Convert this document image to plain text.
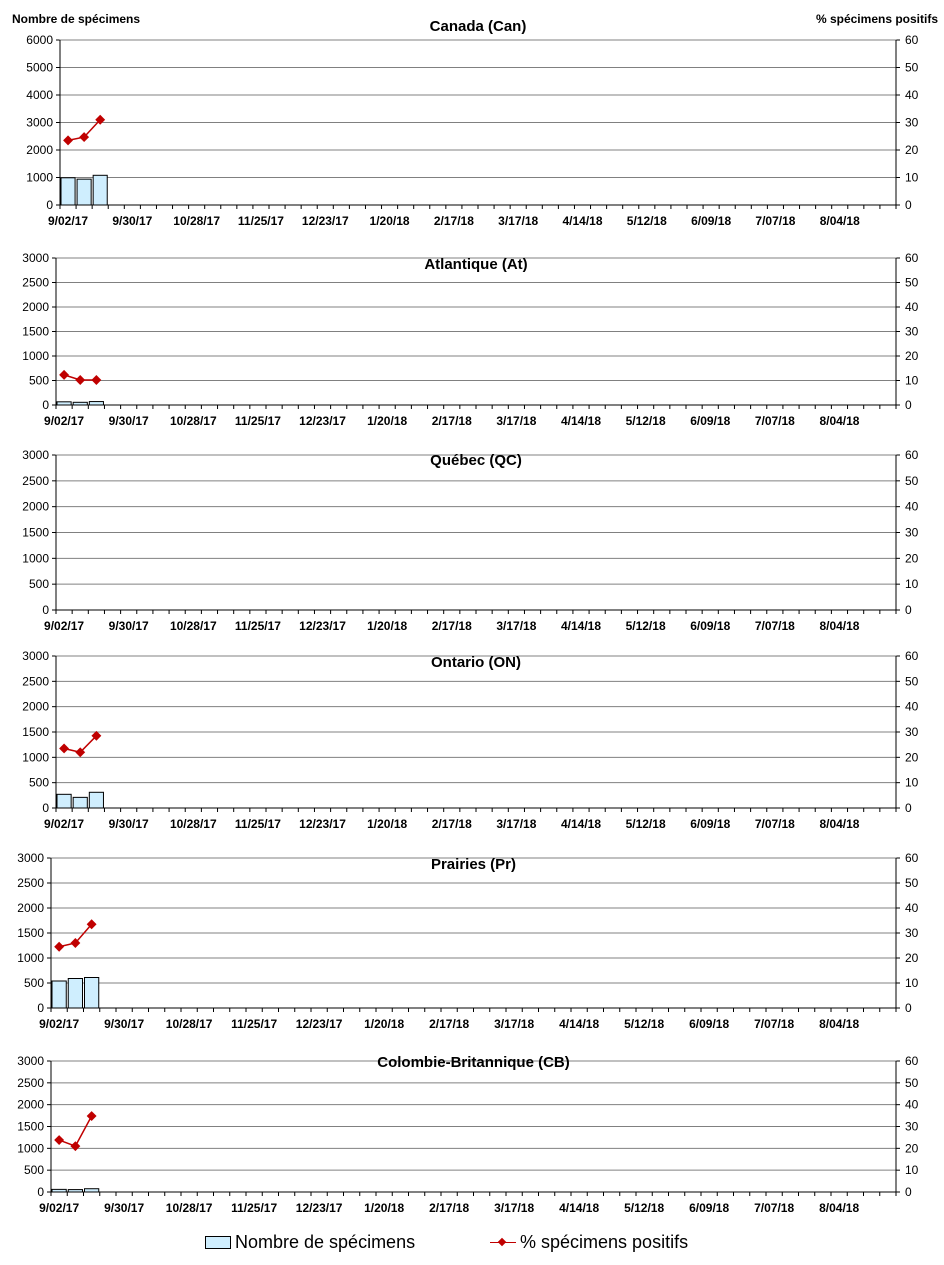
Nombre de spécimens	% spécimens positifs
0	0
1000	10
2000	20
3000	30
4000	40
5000	50
6000	60
9/02/17 9/30/17 10/28/17 11/25/17 12/23/17 1/20/18 2/17/18 3/17/18 4/14/18 5/12/18 6/09/18 7/07/18 8/04/18
Canada (Can)
0	0
500	10
1000	20
1500	30
2000	40
2500	50
3000	60
9/02/17 9/30/17 10/28/17 11/25/17 12/23/17 1/20/18 2/17/18 3/17/18 4/14/18 5/12/18 6/09/18 7/07/18 8/04/18
Atlantique (At)
0	0
500	10
1000	20
1500	30
2000	40
2500	50
3000	60
9/02/17 9/30/17 10/28/17 11/25/17 12/23/17 1/20/18 2/17/18 3/17/18 4/14/18 5/12/18 6/09/18 7/07/18 8/04/18
Québec (QC)
0	0
500	10
1000	20
1500	30
2000	40
2500	50
3000	60
9/02/17 9/30/17 10/28/17 11/25/17 12/23/17 1/20/18 2/17/18 3/17/18 4/14/18 5/12/18 6/09/18 7/07/18 8/04/18
Ontario (ON)
0	0
500	10
1000	20
1500	30
2000	40
2500	50
3000	60
9/02/17 9/30/17 10/28/17 11/25/17 12/23/17 1/20/18 2/17/18 3/17/18 4/14/18 5/12/18 6/09/18 7/07/18 8/04/18
Prairies (Pr)
0	0
500	10
1000	20
1500	30
2000	40
2500	50
3000	60
9/02/17 9/30/17 10/28/17 11/25/17 12/23/17 1/20/18 2/17/18 3/17/18 4/14/18 5/12/18 6/09/18 7/07/18 8/04/18
Colombie-Britannique (CB)
Nombre de spécimens	% spécimens positifs
